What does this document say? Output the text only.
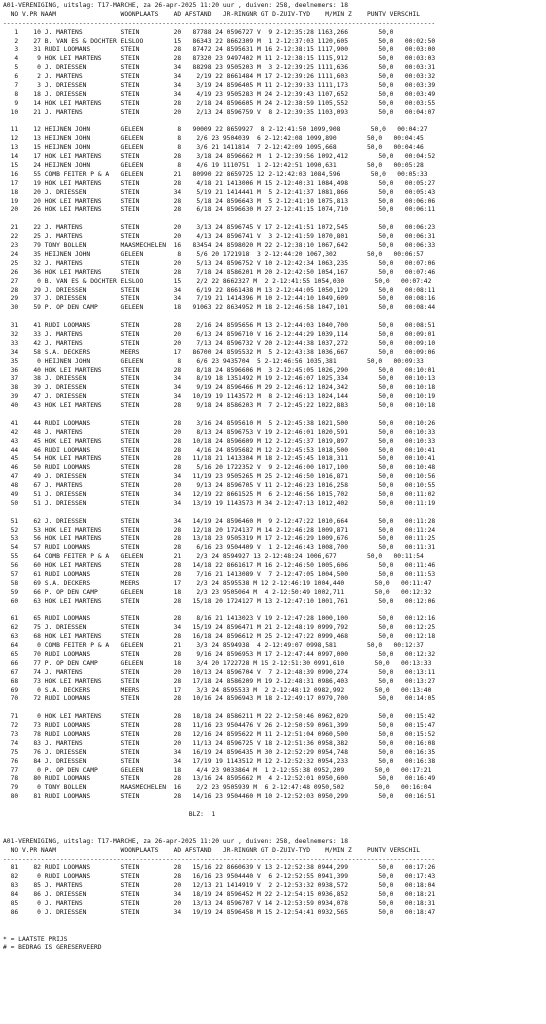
A01-VERENIGING, uitslag: T17-MARCHE, za 26-apr-2025 11:20 uur , duiven: 258, deelnemers: 18
NO V.PR NAAM                 WOONPLAATS    AD AFSTAND   JR-RINGNR GT D-ZUIV-TYD    M/MIN Z    PUNTV VERSCHIL
------------------------------------------------------------------------------------------------------------------
1    10 J. MARTENS          STEIN         20   87788 24 0596727 V  9 2-12:35:28 1163,266        50,0
2    27 B. VAN ES & DOCHTER ELSLOO        15   86343 22 8662309 M  1 2-12:37:03 1120,605        50,0   00:02:50
3    31 RUDI LOOMANS        STEIN         28   87472 24 8595631 M 16 2-12:38:15 1117,900        50,0   00:03:00
4     9 HOK LEI MARTENS     STEIN         28   87320 23 9497402 M 11 2-12:38:15 1115,912        50,0   00:03:03
5     0 J. DRIESSEN         STEIN         34   88298 23 9505203 M  3 2-12:39:25 1111,636        50,0   00:03:31
6     2 J. MARTENS          STEIN         34    2/19 22 8661484 M 17 2-12:39:26 1111,603        50,0   00:03:32
7     3 J. DRIESSEN         STEIN         34    3/19 24 8596405 M 11 2-12:39:33 1111,173        50,0   00:03:39
8    18 J. DRIESSEN         STEIN         34    4/19 23 9505283 M 24 2-12:39:43 1107,652        50,0   00:03:49
9    14 HOK LEI MARTENS     STEIN         28    2/18 24 8596605 M 24 2-12:38:59 1105,552        50,0   00:03:55
10    21 J. MARTENS          STEIN         20    2/13 24 8596759 V  8 2-12:39:35 1103,093        50,0   00:04:07
11    12 HEIJNEN JOHN        GELEEN         8   90009 22 8659927  8 2-12:41:50 1099,908        50,0   00:04:27
12    13 HEIJNEN JOHN        GELEEN         8    2/6 23 9504039  6 2-12:42:08 1099,890        50,0   00:04:45
13    15 HEIJNEN JOHN        GELEEN         8    3/6 21 1411814  7 2-12:42:09 1095,668        50,0   00:04:46
14    17 HOK LEI MARTENS     STEIN         28    3/18 24 8596662 M  1 2-12:39:56 1092,412        50,0   00:04:52
15    24 HEIJNEN JOHN        GELEEN         8    4/6 19 1110751  1 2-12:42:51 1090,631        50,0   00:05:28
16    55 COMB FEITER P & A   GELEEN        21   80990 22 8659725 12 2-12:42:03 1084,596        50,0   00:05:33
17    19 HOK LEI MARTENS     STEIN         28    4/18 21 1413006 M 15 2-12:40:31 1084,498        50,0   00:05:27
18    20 J. DRIESSEN         STEIN         34    5/19 21 1414441 M  5 2-12:41:37 1081,866        50,0   00:05:43
19    20 HOK LEI MARTENS     STEIN         28    5/18 24 8596643 M  5 2-12:41:10 1075,813        50,0   00:06:06
20    26 HOK LEI MARTENS     STEIN         28    6/18 24 8596630 M 27 2-12:41:15 1074,710        50,0   00:06:11
21    22 J. MARTENS          STEIN         20    3/13 24 8596745 V 17 2-12:41:51 1072,545        50,0   00:06:23
22    25 J. MARTENS          STEIN         20    4/13 24 8596741 V  3 2-12:41:59 1070,801        50,0   00:06:31
23    79 TONY BOLLEN         MAASMECHELEN  16   83454 24 8598020 M 22 2-12:38:10 1067,642        50,0   00:06:33
24    35 HEIJNEN JOHN        GELEEN         8    5/6 20 1721918  3 2-12:44:20 1067,302        50,0   00:06:57
25    32 J. MARTENS          STEIN         20    5/13 24 8596752 V 10 2-12:42:34 1063,235        50,0   00:07:06
26    36 HOK LEI MARTENS     STEIN         28    7/18 24 8586201 M 20 2-12:42:50 1054,167        50,0   00:07:46
27     0 B. VAN ES & DOCHTER ELSLOO        15    2/2 22 8662327 M  2 2-12:41:55 1054,030        50,0   00:07:42
28    29 J. DRIESSEN         STEIN         34    6/19 22 8661438 M 13 2-12:44:05 1050,129        50,0   00:08:11
29    37 J. DRIESSEN         STEIN         34    7/19 21 1414396 M 10 2-12:44:10 1049,609        50,0   00:08:16
30    59 P. OP DEN CAMP      GELEEN        18   91063 22 8634952 M 18 2-12:46:58 1047,101        50,0   00:08:44
31    41 RUDI LOOMANS        STEIN         28    2/16 24 8595656 M 13 2-12:44:03 1040,700        50,0   00:08:51
32    33 J. MARTENS          STEIN         20    6/13 24 8596710 V 16 2-12:44:29 1039,114        50,0   00:09:01
33    42 J. MARTENS          STEIN         20    7/13 24 8596732 V 20 2-12:44:38 1037,272        50,0   00:09:10
34    58 S.A. DECKERS        MEERS         17   86700 24 8595532 M  5 2-12:43:38 1036,667        50,0   00:09:06
35     0 HEIJNEN JOHN        GELEEN         8    6/6 23 9435704  5 2-12:46:56 1035,381        50,0   00:09:33
36    40 HOK LEI MARTENS     STEIN         28    8/18 24 8596606 M  3 2-12:45:05 1026,290        50,0   00:10:01
37    38 J. DRIESSEN         STEIN         34    8/19 18 1351492 M 19 2-12:46:07 1025,334        50,0   00:10:13
38    39 J. DRIESSEN         STEIN         34    9/19 24 8596466 M 29 2-12:46:12 1024,342        50,0   00:10:18
39    47 J. DRIESSEN         STEIN         34   10/19 19 1143572 M  8 2-12:46:13 1024,144        50,0   00:10:19
40    43 HOK LEI MARTENS     STEIN         28    9/18 24 8586203 M  7 2-12:45:22 1022,883        50,0   00:10:18
41    44 RUDI LOOMANS        STEIN         28    3/16 24 8595610 M  5 2-12:45:38 1021,500        50,0   00:10:26
42    48 J. MARTENS          STEIN         20    8/13 24 8596753 V 19 2-12:46:01 1020,591        50,0   00:10:33
43    45 HOK LEI MARTENS     STEIN         28   10/18 24 8596609 M 12 2-12:45:37 1019,897        50,0   00:10:33
44    46 RUDI LOOMANS        STEIN         28    4/16 24 8595682 M 12 2-12:45:53 1018,500        50,0   00:10:41
45    54 HOK LEI MARTENS     STEIN         28   11/18 21 1413304 M 18 2-12:45:45 1018,311        50,0   00:10:41
46    50 RUDI LOOMANS        STEIN         28    5/16 20 1722352 V  9 2-12:46:00 1017,100        50,0   00:10:48
47    49 J. DRIESSEN         STEIN         34   11/19 23 9505265 M 25 2-12:46:50 1016,871        50,0   00:10:56
48    67 J. MARTENS          STEIN         20    9/13 24 8596705 V 11 2-12:46:23 1016,258        50,0   00:10:55
49    51 J. DRIESSEN         STEIN         34   12/19 22 8661525 M  6 2-12:46:56 1015,702        50,0   00:11:02
50    51 J. DRIESSEN         STEIN         34   13/19 19 1143573 M 34 2-12:47:13 1012,402        50,0   00:11:19
51    62 J. DRIESSEN         STEIN         34   14/19 24 8596460 M  9 2-12:47:22 1010,664        50,0   00:11:28
52    53 HOK LEI MARTENS     STEIN         28   12/18 20 1724137 M 14 2-12:46:28 1009,871        50,0   00:11:24
53    56 HOK LEI MARTENS     STEIN         28   13/18 23 9505319 M 17 2-12:46:29 1009,676        50,0   00:11:25
54    57 RUDI LOOMANS        STEIN         28    6/16 23 9504409 V  1 2-12:46:43 1008,700        50,0   00:11:31
55    64 COMB FEITER P & A   GELEEN        21    2/3 24 8594927 13 2-12:48:24 1006,677        50,0   00:11:54
56    60 HOK LEI MARTENS     STEIN         28   14/18 22 8661617 M 16 2-12:46:50 1005,606        50,0   00:11:46
57    61 RUDI LOOMANS        STEIN         28    7/16 21 1413089 V  7 2-12:47:05 1004,500        50,0   00:11:53
58    69 S.A. DECKERS        MEERS         17    2/3 24 8595538 M 12 2-12:46:19 1004,440        50,0   00:11:47
59    66 P. OP DEN CAMP      GELEEN        18    2/3 23 9505064 M  4 2-12:50:49 1002,711        50,0   00:12:32
60    63 HOK LEI MARTENS     STEIN         28   15/18 20 1724127 M 13 2-12:47:10 1001,761        50,0   00:12:06
61    65 RUDI LOOMANS        STEIN         28    8/16 21 1413023 V 19 2-12:47:28 1000,100        50,0   00:12:16
62    75 J. DRIESSEN         STEIN         34   15/19 24 8596471 M 21 2-12:48:19 0999,792        50,0   00:12:25
63    68 HOK LEI MARTENS     STEIN         28   16/18 24 8596612 M 25 2-12:47:22 0999,468        50,0   00:12:18
64     0 COMB FEITER P & A   GELEEN        21    3/3 24 8594938  4 2-12:49:07 0998,581        50,0   00:12:37
65    70 RUDI LOOMANS        STEIN         28    9/16 24 8596953 M 17 2-12:47:44 0997,000        50,0   00:12:32
66    77 P. OP DEN CAMP      GELEEN        18    3/4 20 1722728 M 15 2-12:51:30 0991,610        50,0   00:13:33
67    74 J. MARTENS          STEIN         20   10/13 24 8596704 V  7 2-12:48:39 0990,274        50,0   00:13:11
68    73 HOK LEI MARTENS     STEIN         28   17/18 24 8586209 M 19 2-12:48:31 0986,403        50,0   00:13:27
69     0 S.A. DECKERS        MEERS         17    3/3 24 8595533 M  2 2-12:48:12 0982,992        50,0   00:13:40
70    72 RUDI LOOMANS        STEIN         28   10/16 24 8596943 M 18 2-12:49:17 0979,700        50,0   00:14:05
71     0 HOK LEI MARTENS     STEIN         28   18/18 24 8586211 M 22 2-12:50:46 0962,029        50,0   00:15:42
72    73 RUDI LOOMANS        STEIN         28   11/16 23 9504476 V 26 2-12:50:59 0961,399        50,0   00:15:47
73    78 RUDI LOOMANS        STEIN         28   12/16 24 8595622 M 11 2-12:51:04 0960,500        50,0   00:15:52
74    83 J. MARTENS          STEIN         20   11/13 24 8596725 V 18 2-12:51:36 0958,382        50,0   00:16:08
75    76 J. DRIESSEN         STEIN         34   16/19 24 8596435 M 30 2-12:52:29 0954,748        50,0   00:16:35
76    84 J. DRIESSEN         STEIN         34   17/19 19 1143512 M 12 2-12:52:32 0954,233        50,0   00:16:38
77     0 P. OP DEN CAMP      GELEEN        18    4/4 23 9033864 M  1 2-12:55:38 0952,209        50,0   00:17:21
78    80 RUDI LOOMANS        STEIN         28   13/16 24 8595662 M  4 2-12:52:01 0950,600        50,0   00:16:49
79     0 TONY BOLLEN         MAASMECHELEN  16    2/2 23 9505939 M  6 2-12:47:48 0950,502        50,0   00:16:04
80    81 RUDI LOOMANS        STEIN         28   14/16 23 9504460 M 10 2-12:52:03 0950,299        50,0   00:16:51
BLZ:  1
A01-VERENIGING, uitslag: T17-MARCHE, za 26-apr-2025 11:20 uur , duiven: 258, deelnemers: 18
NO V.PR NAAM                 WOONPLAATS    AD AFSTAND   JR-RINGNR GT D-ZUIV-TYD    M/MIN Z    PUNTV VERSCHIL
------------------------------------------------------------------------------------------------------------------
81    82 RUDI LOOMANS        STEIN         28   15/16 22 8660639 V 13 2-12:52:38 0944,299        50,0   00:17:26
82     0 RUDI LOOMANS        STEIN         28   16/16 23 9504440 V  6 2-12:52:55 0941,399        50,0   00:17:43
83    85 J. MARTENS          STEIN         20   12/13 21 1414919 V  2 2-12:53:32 0938,572        50,0   00:18:04
84    86 J. DRIESSEN         STEIN         34   18/19 24 8596452 M 22 2-12:54:15 0936,852        50,0   00:18:21
85     0 J. MARTENS          STEIN         20   13/13 24 8596707 V 14 2-12:53:59 0934,078        50,0   00:18:31
86     0 J. DRIESSEN         STEIN         34   19/19 24 8596458 M 15 2-12:54:41 0932,565        50,0   00:18:47
* = LAATSTE PRIJS
# = BEDRAG IS GERESERVEERD
